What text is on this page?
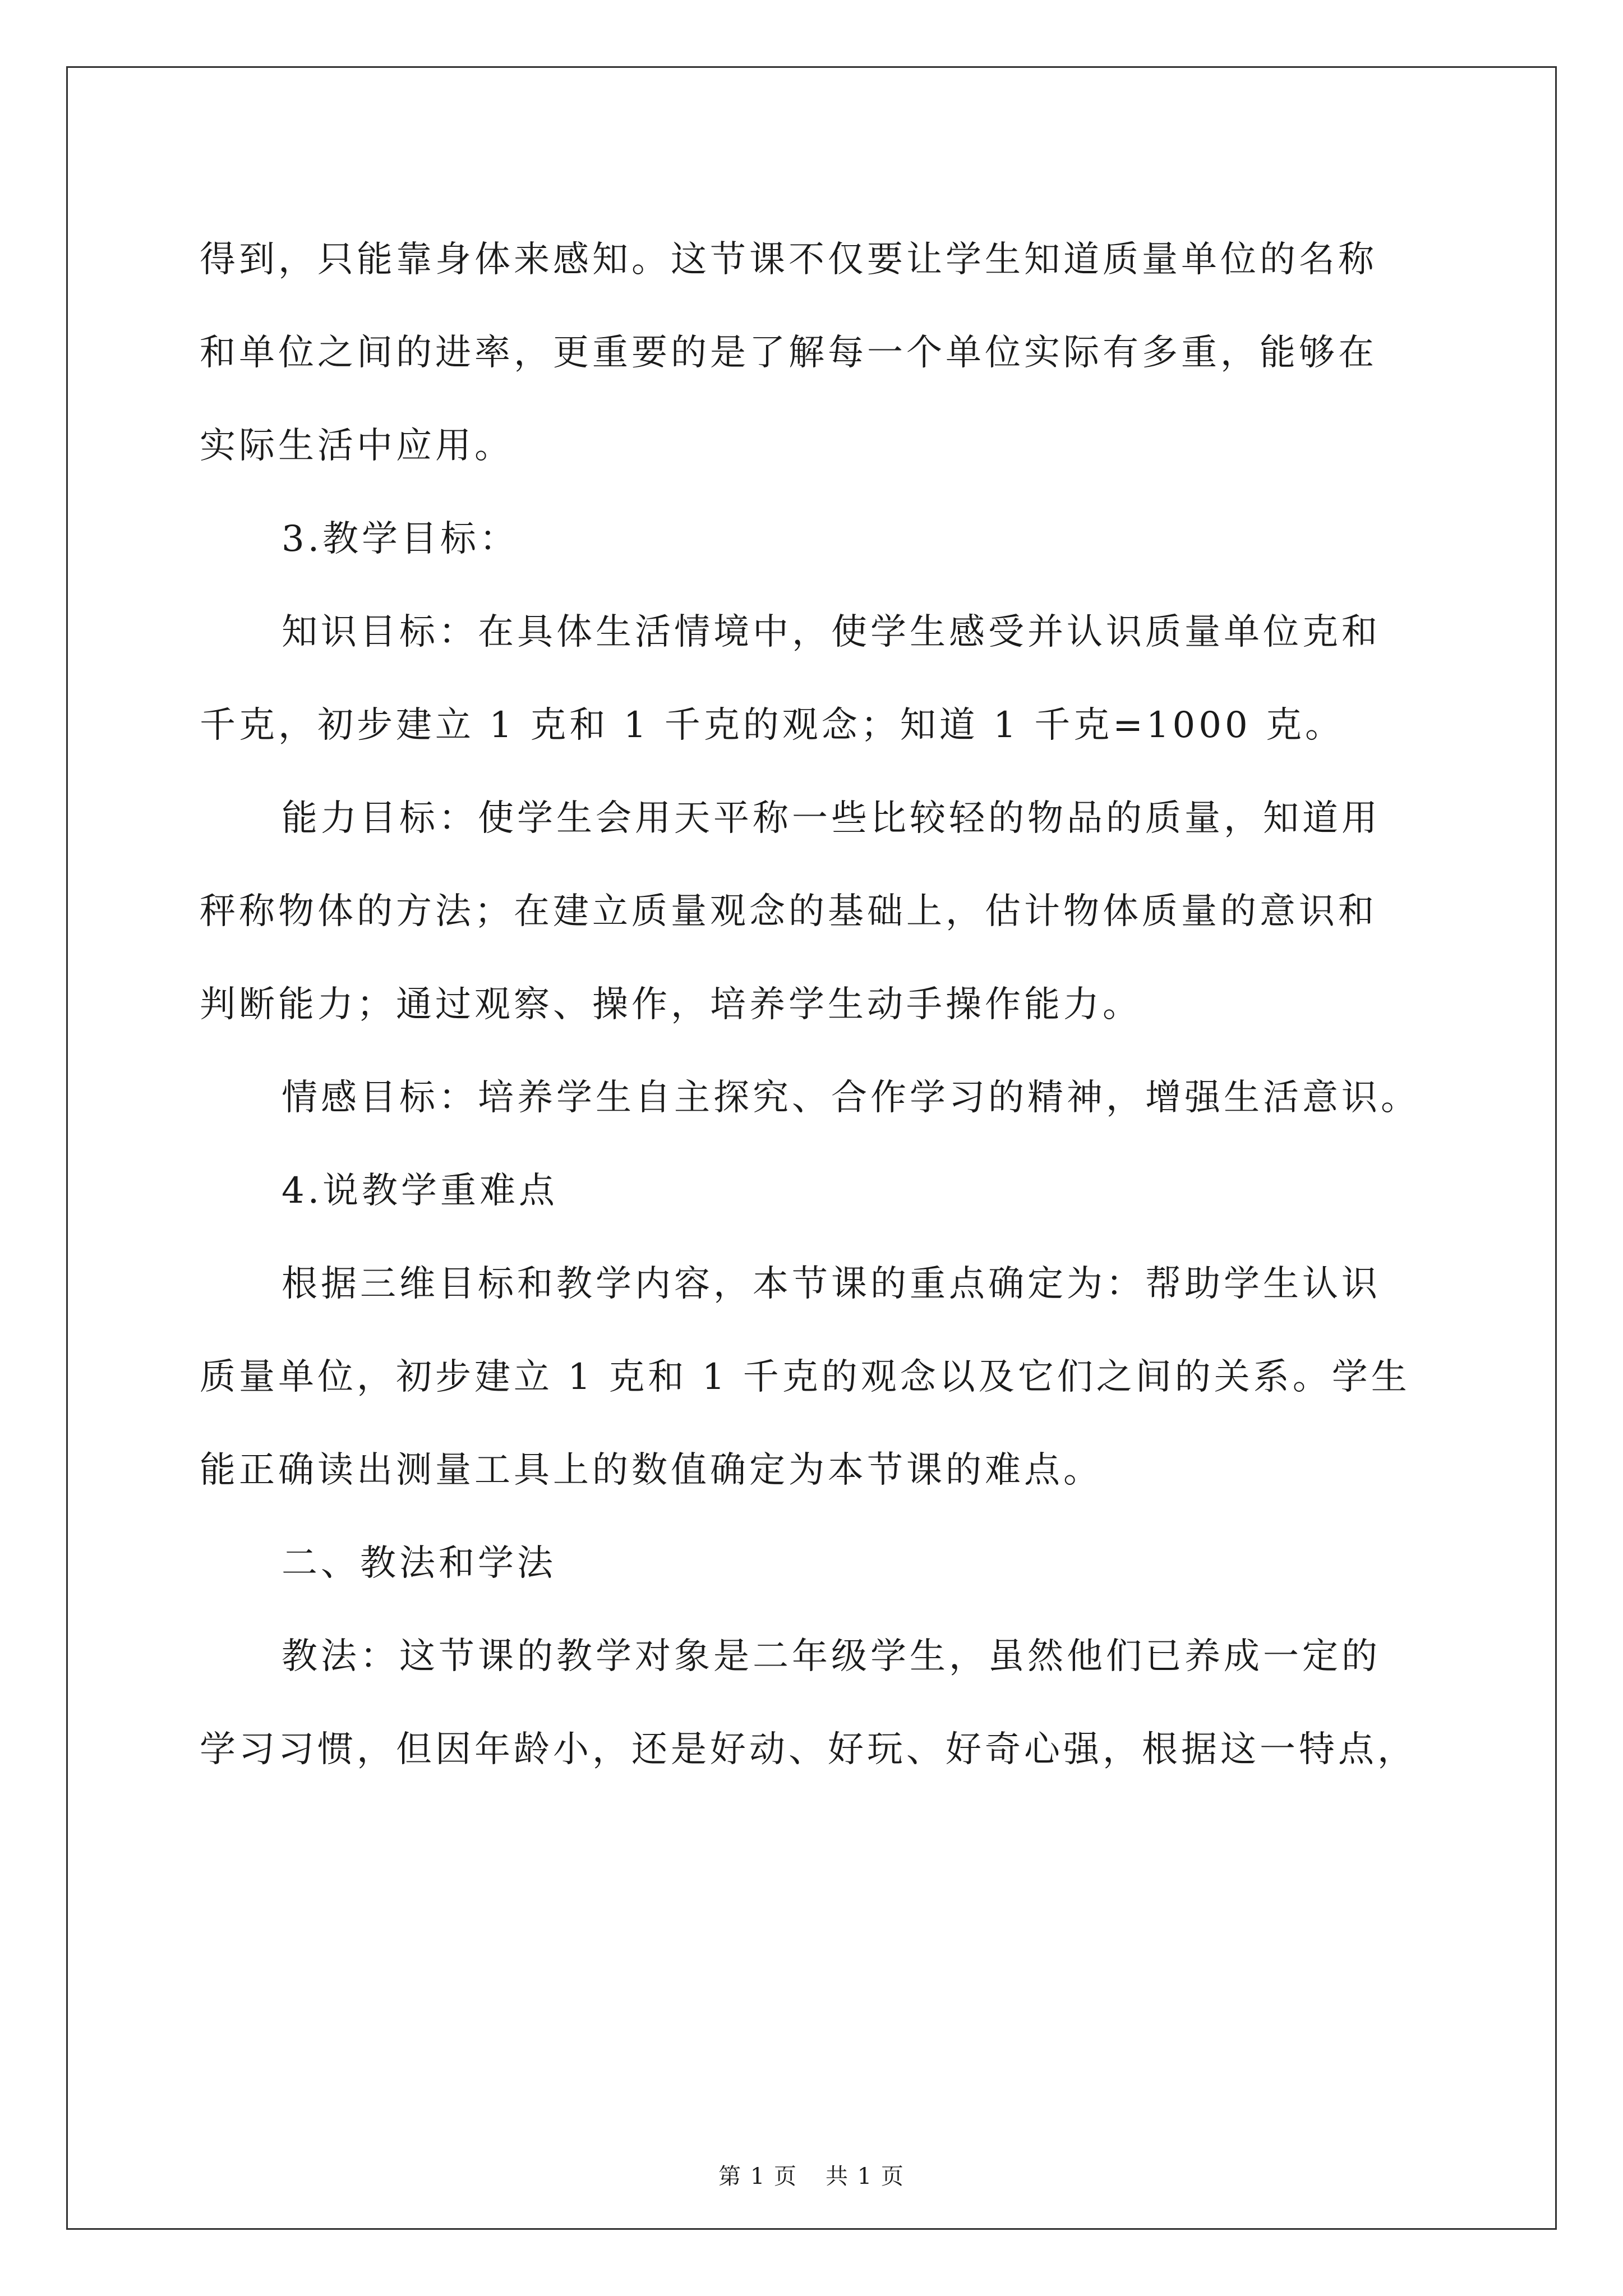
得到，只能靠身体来感知。这节课不仅要让学生知道质量单位的名称
和单位之间的进率，更重要的是了解每一个单位实际有多重，能够在
实际生活中应用。
3.教学目标：
知识目标：在具体生活情境中，使学生感受并认识质量单位克和
千克，初步建立 1 克和 1 千克的观念；知道 1 千克=1000 克。
能力目标：使学生会用天平称一些比较轻的物品的质量，知道用
秤称物体的方法；在建立质量观念的基础上，估计物体质量的意识和
判断能力；通过观察、操作，培养学生动手操作能力。
情感目标：培养学生自主探究、合作学习的精神，增强生活意识。
4.说教学重难点
根据三维目标和教学内容，本节课的重点确定为：帮助学生认识
质量单位，初步建立 1 克和 1 千克的观念以及它们之间的关系。学生
能正确读出测量工具上的数值确定为本节课的难点。
二、教法和学法
教法：这节课的教学对象是二年级学生，虽然他们已养成一定的
学习习惯，但因年龄小，还是好动、好玩、好奇心强，根据这一特点，
第 1 页 共 1 页
